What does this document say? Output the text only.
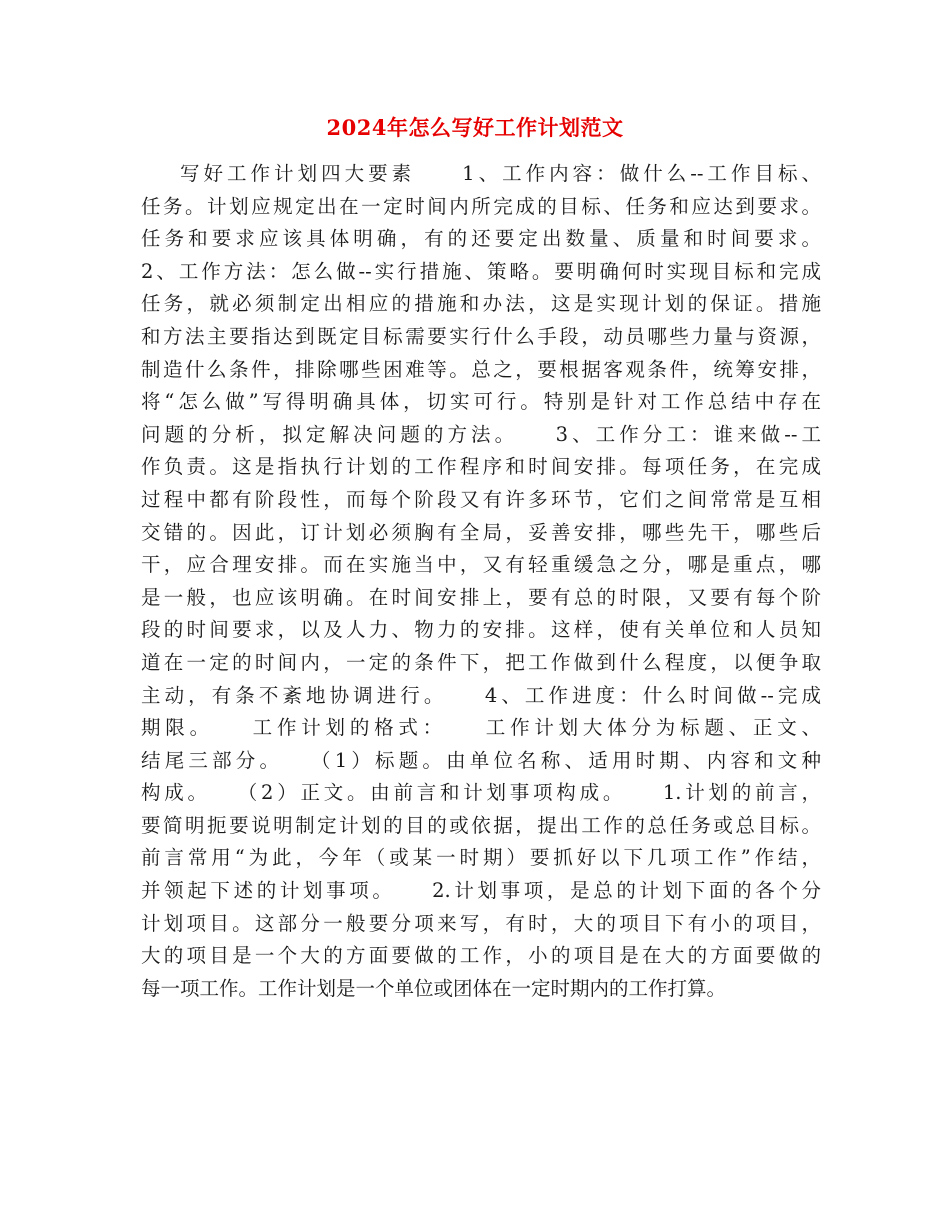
2024年怎么写好工作计划范文
写好工作计划四大要素　　1、工作内容：做什么--工作目标、
任务。计划应规定出在一定时间内所完成的目标、任务和应达到要求。
任务和要求应该具体明确，有的还要定出数量、质量和时间要求。
2、工作方法：怎么做--实行措施、策略。要明确何时实现目标和完成
任务，就必须制定出相应的措施和办法，这是实现计划的保证。措施
和方法主要指达到既定目标需要实行什么手段，动员哪些力量与资源，
制造什么条件，排除哪些困难等。总之，要根据客观条件，统筹安排，
将“怎么做”写得明确具体，切实可行。特别是针对工作总结中存在
问题的分析，拟定解决问题的方法。　　3、工作分工：谁来做--工
作负责。这是指执行计划的工作程序和时间安排。每项任务，在完成
过程中都有阶段性，而每个阶段又有许多环节，它们之间常常是互相
交错的。因此，订计划必须胸有全局，妥善安排，哪些先干，哪些后
干，应合理安排。而在实施当中，又有轻重缓急之分，哪是重点，哪
是一般，也应该明确。在时间安排上，要有总的时限，又要有每个阶
段的时间要求，以及人力、物力的安排。这样，使有关单位和人员知
道在一定的时间内，一定的条件下，把工作做到什么程度，以便争取
主动，有条不紊地协调进行。　　4、工作进度：什么时间做--完成
期限。　　工作计划的格式：　　工作计划大体分为标题、正文、
结尾三部分。　　（1）标题。由单位名称、适用时期、内容和文种
构成。　　（2）正文。由前言和计划事项构成。　　1.计划的前言，
要简明扼要说明制定计划的目的或依据，提出工作的总任务或总目标。
前言常用“为此，今年（或某一时期）要抓好以下几项工作”作结，
并领起下述的计划事项。　　2.计划事项，是总的计划下面的各个分
计划项目。这部分一般要分项来写，有时，大的项目下有小的项目，
大的项目是一个大的方面要做的工作，小的项目是在大的方面要做的
每一项工作。工作计划是一个单位或团体在一定时期内的工作打算。
